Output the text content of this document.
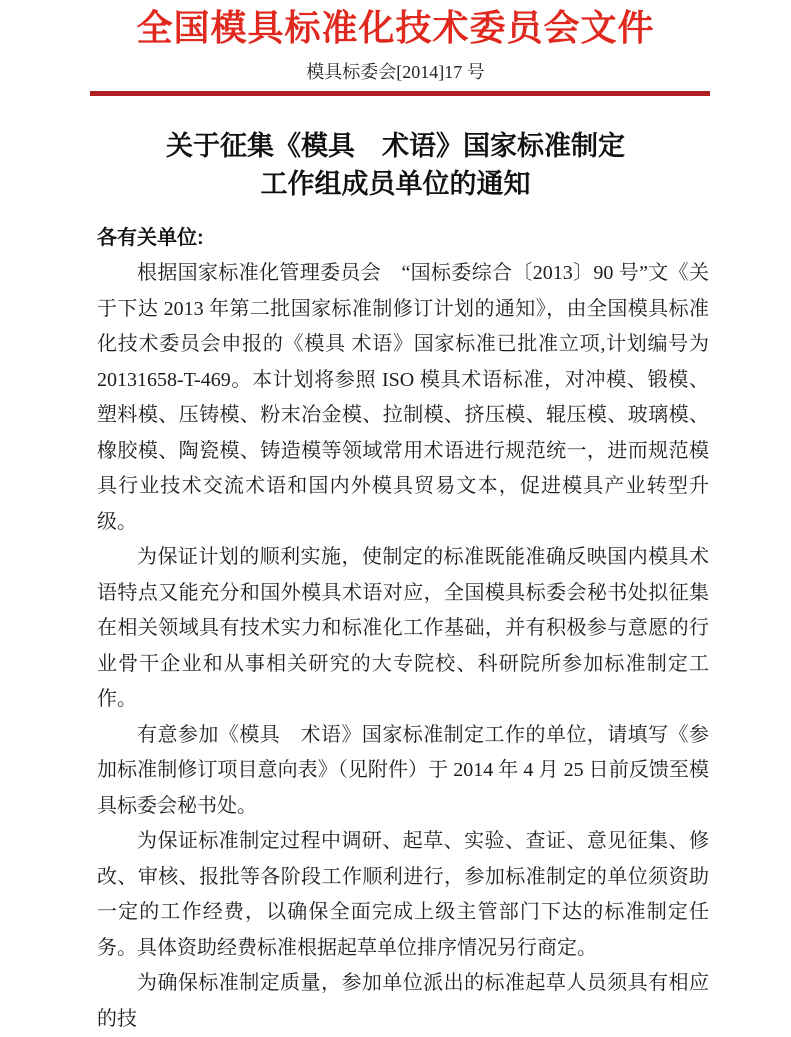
全国模具标准化技术委员会文件
模具标委会[2014]17 号
关于征集《模具　术语》国家标准制定
工作组成员单位的通知

各有关单位:

根据国家标准化管理委员会　“国标委综合〔2013〕90 号”文《关于下达 2013 年第二批国家标准制修订计划的通知》，由全国模具标准化技术委员会申报的《模具 术语》国家标准已批准立项,计划编号为 20131658-T-469。本计划将参照 ISO 模具术语标准，对冲模、锻模、塑料模、压铸模、粉末冶金模、拉制模、挤压模、辊压模、玻璃模、橡胶模、陶瓷模、铸造模等领域常用术语进行规范统一，进而规范模具行业技术交流术语和国内外模具贸易文本，促进模具产业转型升级。

为保证计划的顺利实施，使制定的标准既能准确反映国内模具术语特点又能充分和国外模具术语对应，全国模具标委会秘书处拟征集在相关领域具有技术实力和标准化工作基础，并有积极参与意愿的行业骨干企业和从事相关研究的大专院校、科研院所参加标准制定工作。

有意参加《模具　术语》国家标准制定工作的单位，请填写《参加标准制修订项目意向表》（见附件）于 2014 年 4 月 25 日前反馈至模具标委会秘书处。

为保证标准制定过程中调研、起草、实验、查证、意见征集、修改、审核、报批等各阶段工作顺利进行，参加标准制定的单位须资助一定的工作经费，以确保全面完成上级主管部门下达的标准制定任务。具体资助经费标准根据起草单位排序情况另行商定。

为确保标准制定质量，参加单位派出的标准起草人员须具有相应的技
